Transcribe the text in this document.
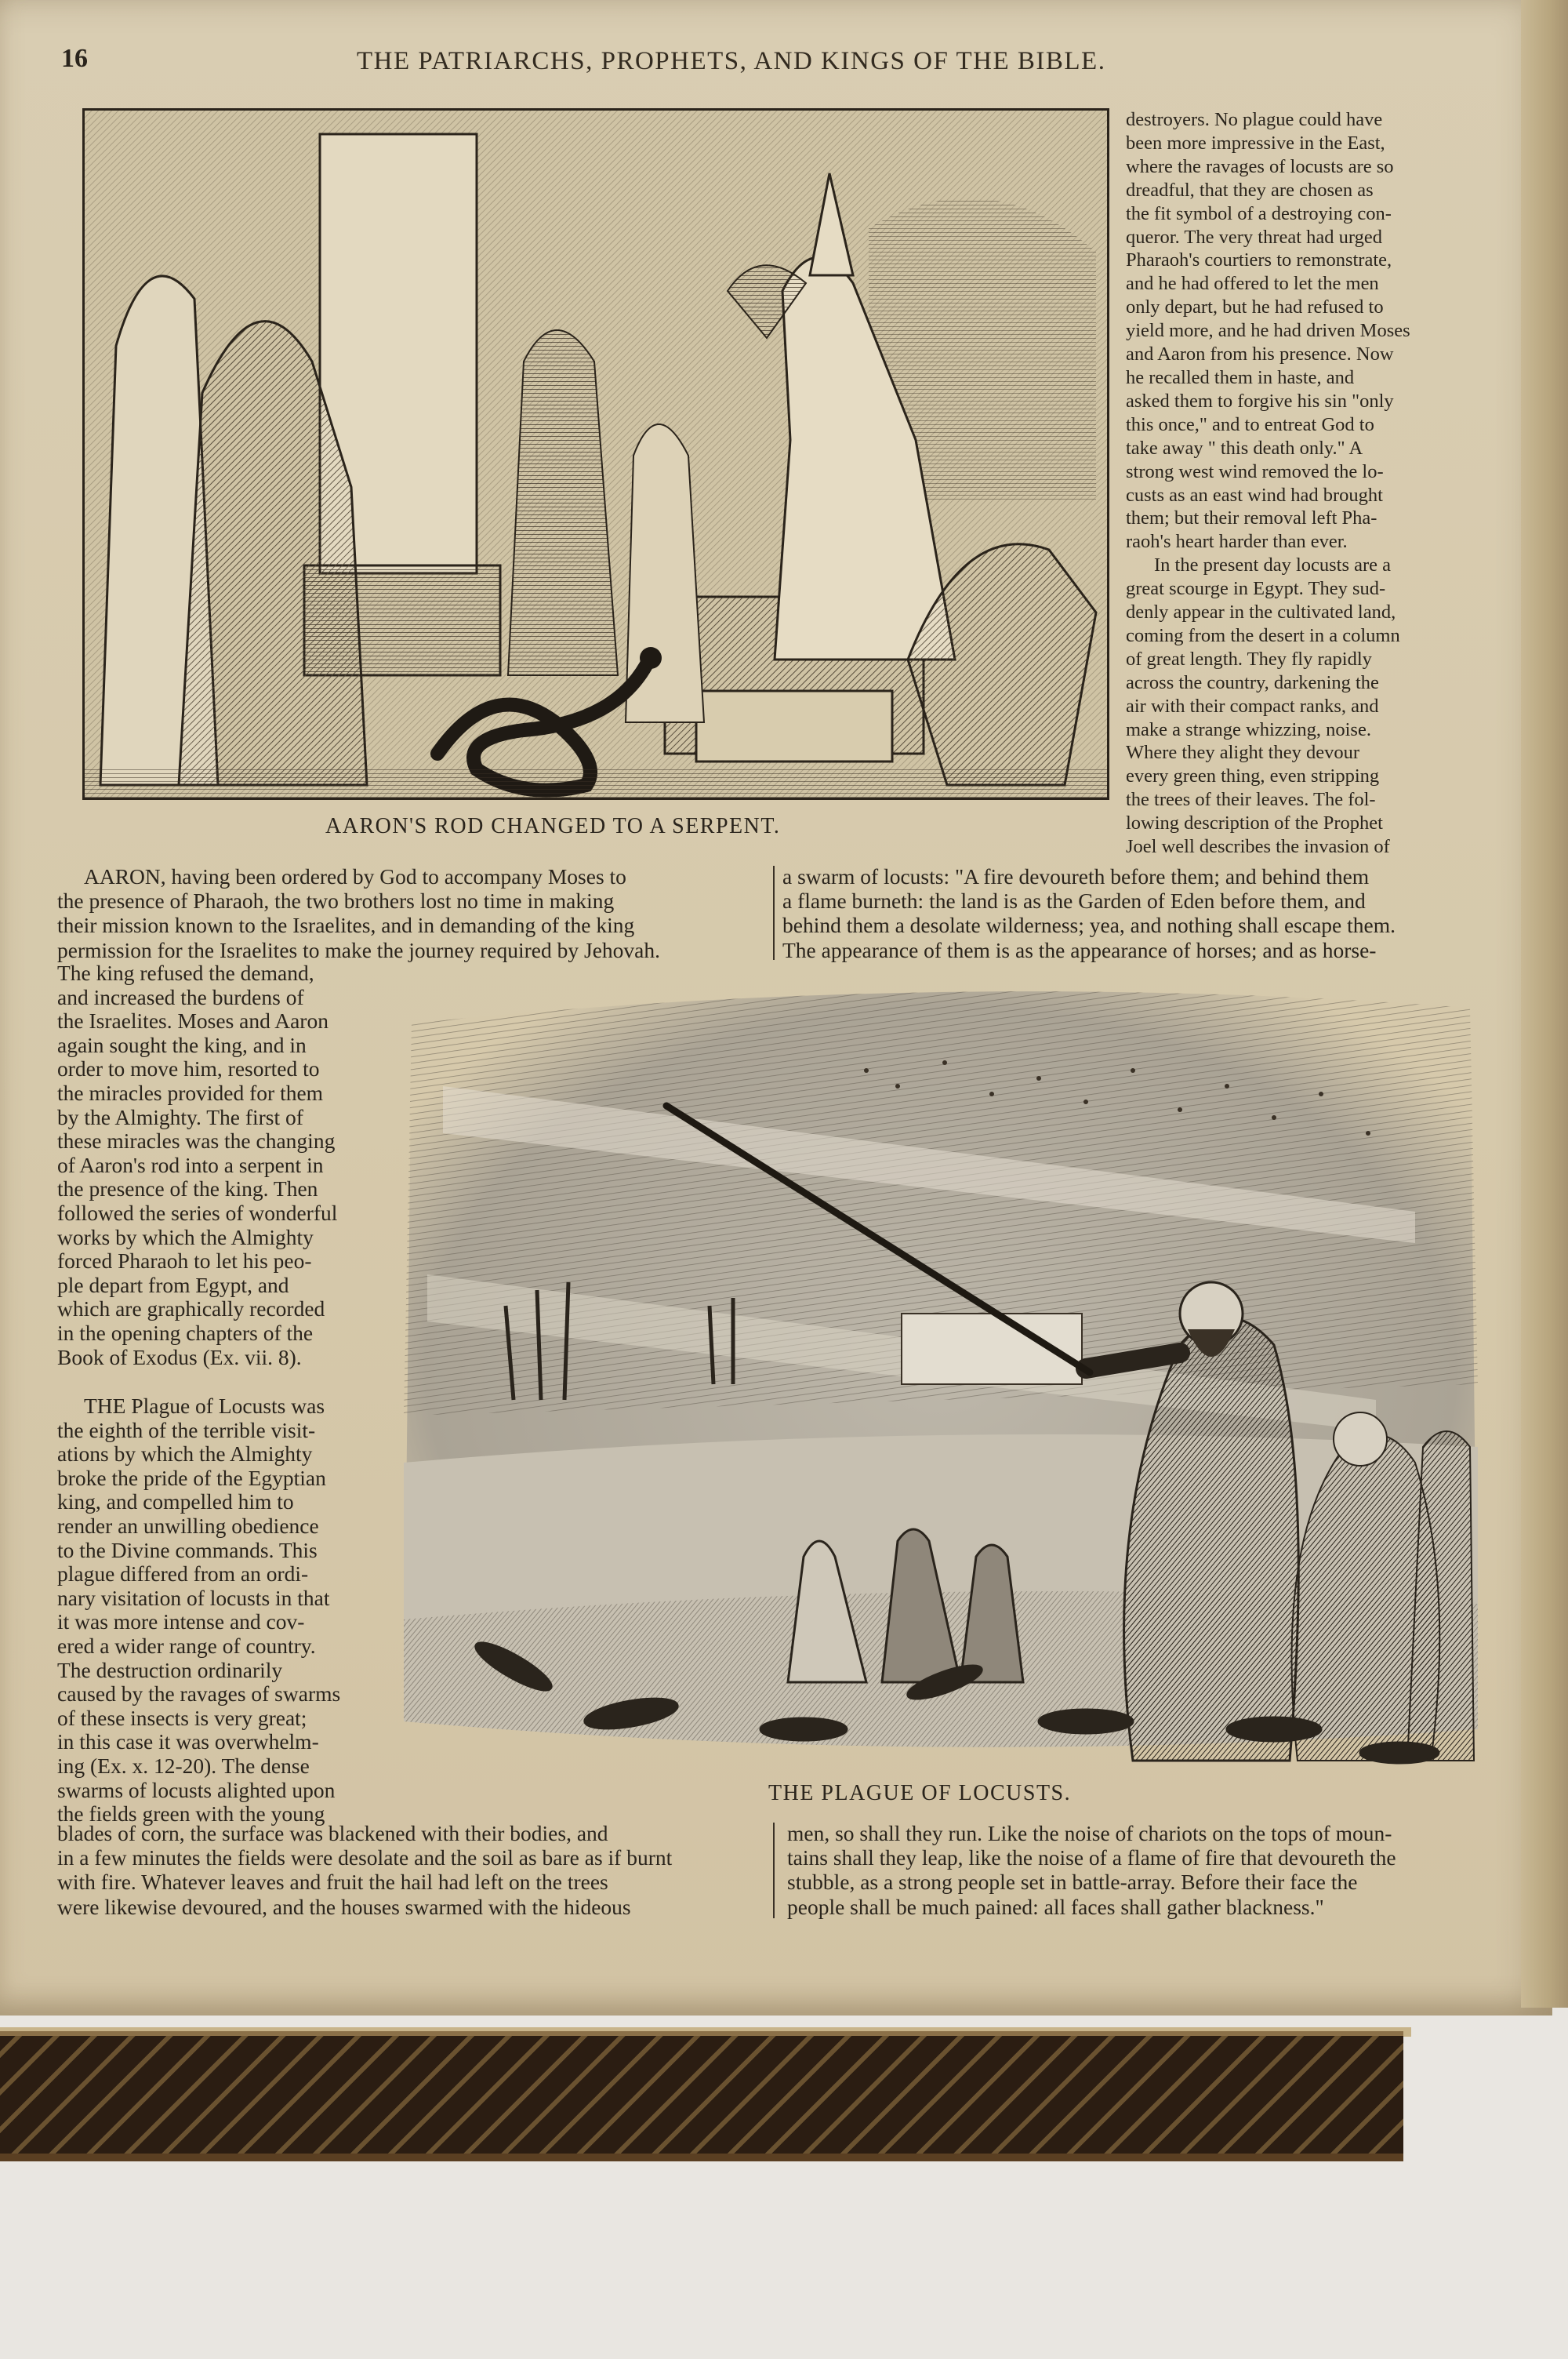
16	THE PATRIARCHS, PROPHETS, AND KINGS OF THE BIBLE.
AARON'S ROD CHANGED TO A SERPENT.
destroyers. No plague could have
been more impressive in the East,
where the ravages of locusts are so
dreadful, that they are chosen as
the fit symbol of a destroying con-
queror. The very threat had urged
Pharaoh's courtiers to remonstrate,
and he had offered to let the men
only depart, but he had refused to
yield more, and he had driven Moses
and Aaron from his presence. Now
he recalled them in haste, and
asked them to forgive his sin "only
this once," and to entreat God to
take away " this death only." A
strong west wind removed the lo-
custs as an east wind had brought
them; but their removal left Pha-
raoh's heart harder than ever.
In the present day locusts are a
great scourge in Egypt. They sud-
denly appear in the cultivated land,
coming from the desert in a column
of great length. They fly rapidly
across the country, darkening the
air with their compact ranks, and
make a strange whizzing, noise.
Where they alight they devour
every green thing, even stripping
the trees of their leaves. The fol-
lowing description of the Prophet
Joel well describes the invasion of
AARON, having been ordered by God to accompany Moses to
the presence of Pharaoh, the two brothers lost no time in making
their mission known to the Israelites, and in demanding of the king
permission for the Israelites to make the journey required by Jehovah.
a swarm of locusts: "A fire devoureth before them; and behind them
a flame burneth: the land is as the Garden of Eden before them, and
behind them a desolate wilderness; yea, and nothing shall escape them.
The appearance of them is as the appearance of horses; and as horse-
The king refused the demand,
and increased the burdens of
the Israelites. Moses and Aaron
again sought the king, and in
order to move him, resorted to
the miracles provided for them
by the Almighty. The first of
these miracles was the changing
of Aaron's rod into a serpent in
the presence of the king. Then
followed the series of wonderful
works by which the Almighty
forced Pharaoh to let his peo-
ple depart from Egypt, and
which are graphically recorded
in the opening chapters of the
Book of Exodus (Ex. vii. 8).
THE Plague of Locusts was
the eighth of the terrible visit-
ations by which the Almighty
broke the pride of the Egyptian
king, and compelled him to
render an unwilling obedience
to the Divine commands. This
plague differed from an ordi-
nary visitation of locusts in that
it was more intense and cov-
ered a wider range of country.
The destruction ordinarily
caused by the ravages of swarms
of these insects is very great;
in this case it was overwhelm-
ing (Ex. x. 12-20). The dense
swarms of locusts alighted upon
the fields green with the young
THE PLAGUE OF LOCUSTS.
blades of corn, the surface was blackened with their bodies, and
in a few minutes the fields were desolate and the soil as bare as if burnt
with fire. Whatever leaves and fruit the hail had left on the trees
were likewise devoured, and the houses swarmed with the hideous
men, so shall they run. Like the noise of chariots on the tops of moun-
tains shall they leap, like the noise of a flame of fire that devoureth the
stubble, as a strong people set in battle-array. Before their face the
people shall be much pained: all faces shall gather blackness."
